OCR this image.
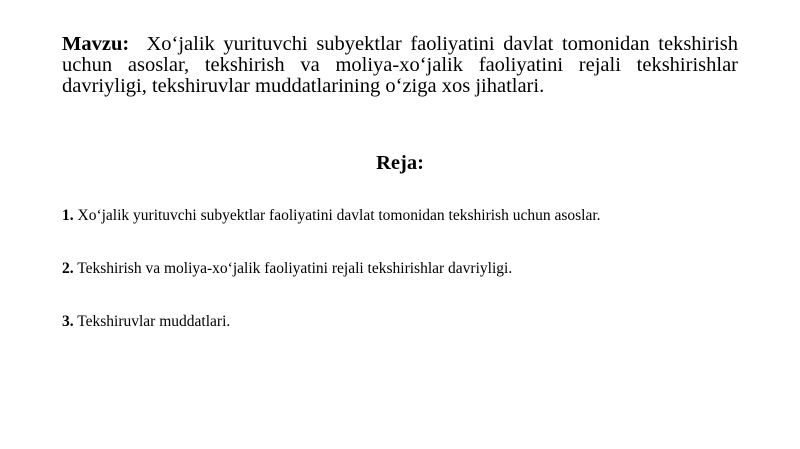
Mavzu: Xo‘jalik yurituvchi subyektlar faoliyatini davlat tomonidan tekshirish uchun asoslar, tekshirish va moliya-xo‘jalik faoliyatini rejali tekshirishlar davriyligi, tekshiruvlar muddatlarining o‘ziga xos jihatlari.
Reja:
1. Xo‘jalik yurituvchi subyektlar faoliyatini davlat tomonidan tekshirish uchun asoslar.
2. Tekshirish va moliya-xo‘jalik faoliyatini rejali tekshirishlar davriyligi.
3. Tekshiruvlar muddatlari.
